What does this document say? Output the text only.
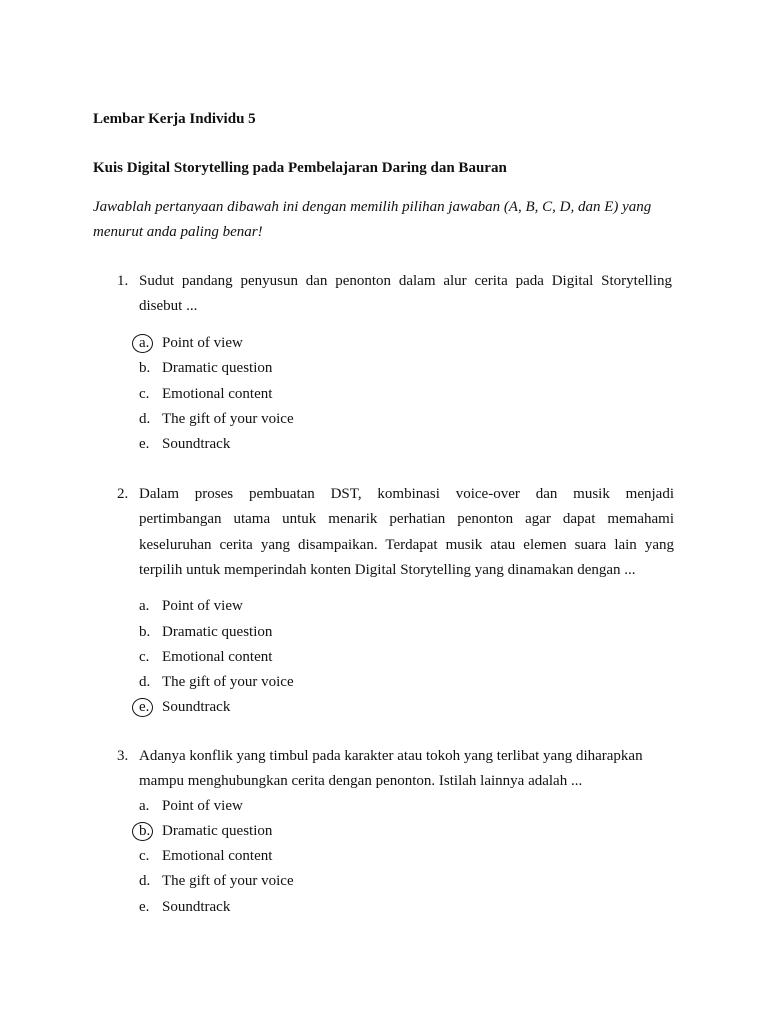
Lembar Kerja Individu 5
Kuis Digital Storytelling pada Pembelajaran Daring dan Bauran
Jawablah pertanyaan dibawah ini dengan memilih pilihan jawaban (A, B, C, D, dan E) yang
menurut anda paling benar!
1. Sudut pandang penyusun dan penonton dalam alur cerita pada Digital Storytelling
disebut ...
a. Point of view
b. Dramatic question
c. Emotional content
d. The gift of your voice
e. Soundtrack
2. Dalam proses pembuatan DST, kombinasi voice-over dan musik menjadi
pertimbangan utama untuk menarik perhatian penonton agar dapat memahami
keseluruhan cerita yang disampaikan. Terdapat musik atau elemen suara lain yang
terpilih untuk memperindah konten Digital Storytelling yang dinamakan dengan ...
a. Point of view
b. Dramatic question
c. Emotional content
d. The gift of your voice
e. Soundtrack
3. Adanya konflik yang timbul pada karakter atau tokoh yang terlibat yang diharapkan
mampu menghubungkan cerita dengan penonton. Istilah lainnya adalah ...
a. Point of view
b. Dramatic question
c. Emotional content
d. The gift of your voice
e. Soundtrack
